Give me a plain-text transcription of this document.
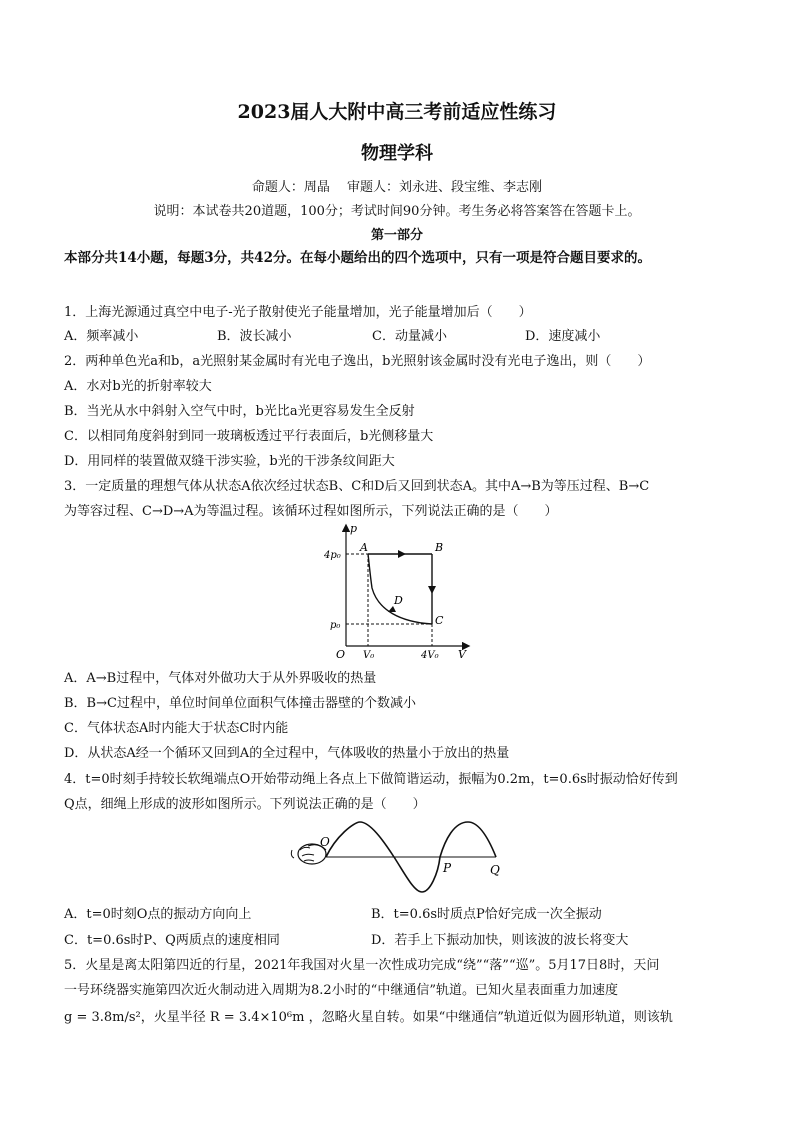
2023届人大附中高三考前适应性练习
物理学科
命题人：周晶　 审题人：刘永进、段宝维、李志刚
说明：本试卷共20道题，100分；考试时间90分钟。考生务必将答案答在答题卡上。
第一部分
本部分共14小题，每题3分，共42分。在每小题给出的四个选项中，只有一项是符合题目要求的。
1．上海光源通过真空中电子-光子散射使光子能量增加，光子能量增加后（　　）
A．频率减小	B．波长减小	C．动量减小	D．速度减小
2．两种单色光a和b，a光照射某金属时有光电子逸出，b光照射该金属时没有光电子逸出，则（　　）
A．水对b光的折射率较大
B．当光从水中斜射入空气中时，b光比a光更容易发生全反射
C．以相同角度斜射到同一玻璃板透过平行表面后，b光侧移量大
D．用同样的装置做双缝干涉实验，b光的干涉条纹间距大
3．一定质量的理想气体从状态A依次经过状态B、C和D后又回到状态A。其中A→B为等压过程、B→C
为等容过程、C→D→A为等温过程。该循环过程如图所示，下列说法正确的是（　　）
p
V
O
4p₀
p₀
V₀	4V₀
A	B
C
D
A．A→B过程中，气体对外做功大于从外界吸收的热量
B．B→C过程中，单位时间单位面积气体撞击器壁的个数减小
C．气体状态A时内能大于状态C时内能
D．从状态A经一个循环又回到A的全过程中，气体吸收的热量小于放出的热量
4．t=0时刻手持较长软绳端点O开始带动绳上各点上下做简谐运动，振幅为0.2m，t=0.6s时振动恰好传到
Q点，细绳上形成的波形如图所示。下列说法正确的是（　　）
O
P	Q
A．t=0时刻O点的振动方向向上	B．t=0.6s时质点P恰好完成一次全振动
C．t=0.6s时P、Q两质点的速度相同	D．若手上下振动加快，则该波的波长将变大
5．火星是离太阳第四近的行星，2021年我国对火星一次性成功完成“绕”“落”“巡”。5月17日8时，天问
一号环绕器实施第四次近火制动进入周期为8.2小时的“中继通信”轨道。已知火星表面重力加速度
g = 3.8m/s²，火星半径 R = 3.4×10⁶m ，忽略火星自转。如果“中继通信”轨道近似为圆形轨道，则该轨
